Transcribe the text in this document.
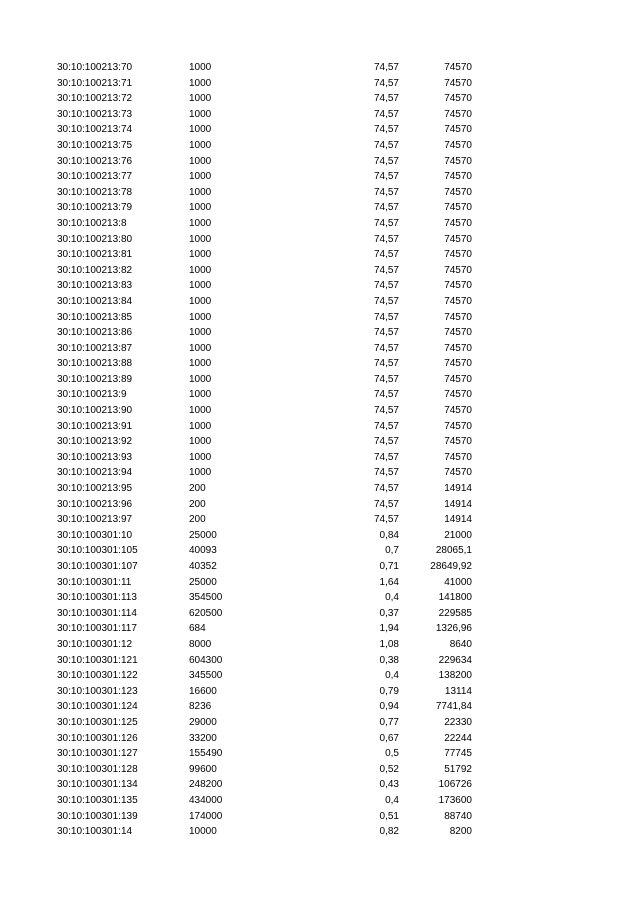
30:10:100213:70	1000	74,57	74570
30:10:100213:71	1000	74,57	74570
30:10:100213:72	1000	74,57	74570
30:10:100213:73	1000	74,57	74570
30:10:100213:74	1000	74,57	74570
30:10:100213:75	1000	74,57	74570
30:10:100213:76	1000	74,57	74570
30:10:100213:77	1000	74,57	74570
30:10:100213:78	1000	74,57	74570
30:10:100213:79	1000	74,57	74570
30:10:100213:8	1000	74,57	74570
30:10:100213:80	1000	74,57	74570
30:10:100213:81	1000	74,57	74570
30:10:100213:82	1000	74,57	74570
30:10:100213:83	1000	74,57	74570
30:10:100213:84	1000	74,57	74570
30:10:100213:85	1000	74,57	74570
30:10:100213:86	1000	74,57	74570
30:10:100213:87	1000	74,57	74570
30:10:100213:88	1000	74,57	74570
30:10:100213:89	1000	74,57	74570
30:10:100213:9	1000	74,57	74570
30:10:100213:90	1000	74,57	74570
30:10:100213:91	1000	74,57	74570
30:10:100213:92	1000	74,57	74570
30:10:100213:93	1000	74,57	74570
30:10:100213:94	1000	74,57	74570
30:10:100213:95	200	74,57	14914
30:10:100213:96	200	74,57	14914
30:10:100213:97	200	74,57	14914
30:10:100301:10	25000	0,84	21000
30:10:100301:105	40093	0,7	28065,1
30:10:100301:107	40352	0,71	28649,92
30:10:100301:11	25000	1,64	41000
30:10:100301:113	354500	0,4	141800
30:10:100301:114	620500	0,37	229585
30:10:100301:117	684	1,94	1326,96
30:10:100301:12	8000	1,08	8640
30:10:100301:121	604300	0,38	229634
30:10:100301:122	345500	0,4	138200
30:10:100301:123	16600	0,79	13114
30:10:100301:124	8236	0,94	7741,84
30:10:100301:125	29000	0,77	22330
30:10:100301:126	33200	0,67	22244
30:10:100301:127	155490	0,5	77745
30:10:100301:128	99600	0,52	51792
30:10:100301:134	248200	0,43	106726
30:10:100301:135	434000	0,4	173600
30:10:100301:139	174000	0,51	88740
30:10:100301:14	10000	0,82	8200
